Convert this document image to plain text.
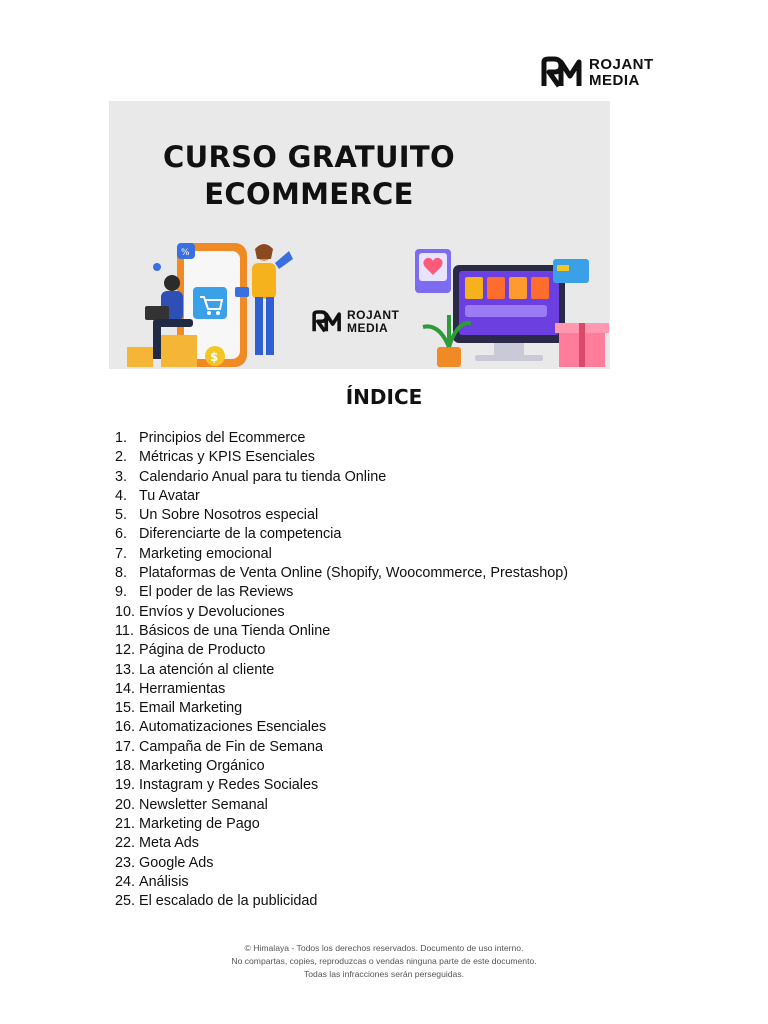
ROJANT
MEDIA
%
$
CURSO GRATUITO
ECOMMERCE
ROJANT
MEDIA
ÍNDICE
1. Principios del Ecommerce
2. Métricas y KPIS Esenciales
3. Calendario Anual para tu tienda Online
4. Tu Avatar
5. Un Sobre Nosotros especial
6. Diferenciarte de la competencia
7. Marketing emocional
8. Plataformas de Venta Online (Shopify, Woocommerce, Prestashop)
9. El poder de las Reviews
10. Envíos y Devoluciones
11. Básicos de una Tienda Online
12. Página de Producto
13. La atención al cliente
14. Herramientas
15. Email Marketing
16. Automatizaciones Esenciales
17. Campaña de Fin de Semana
18. Marketing Orgánico
19. Instagram y Redes Sociales
20. Newsletter Semanal
21. Marketing de Pago
22. Meta Ads
23. Google Ads
24. Análisis
25. El escalado de la publicidad
© Himalaya - Todos los derechos reservados. Documento de uso interno.
No compartas, copies, reproduzcas o vendas ninguna parte de este documento.
Todas las infracciones serán perseguidas.
